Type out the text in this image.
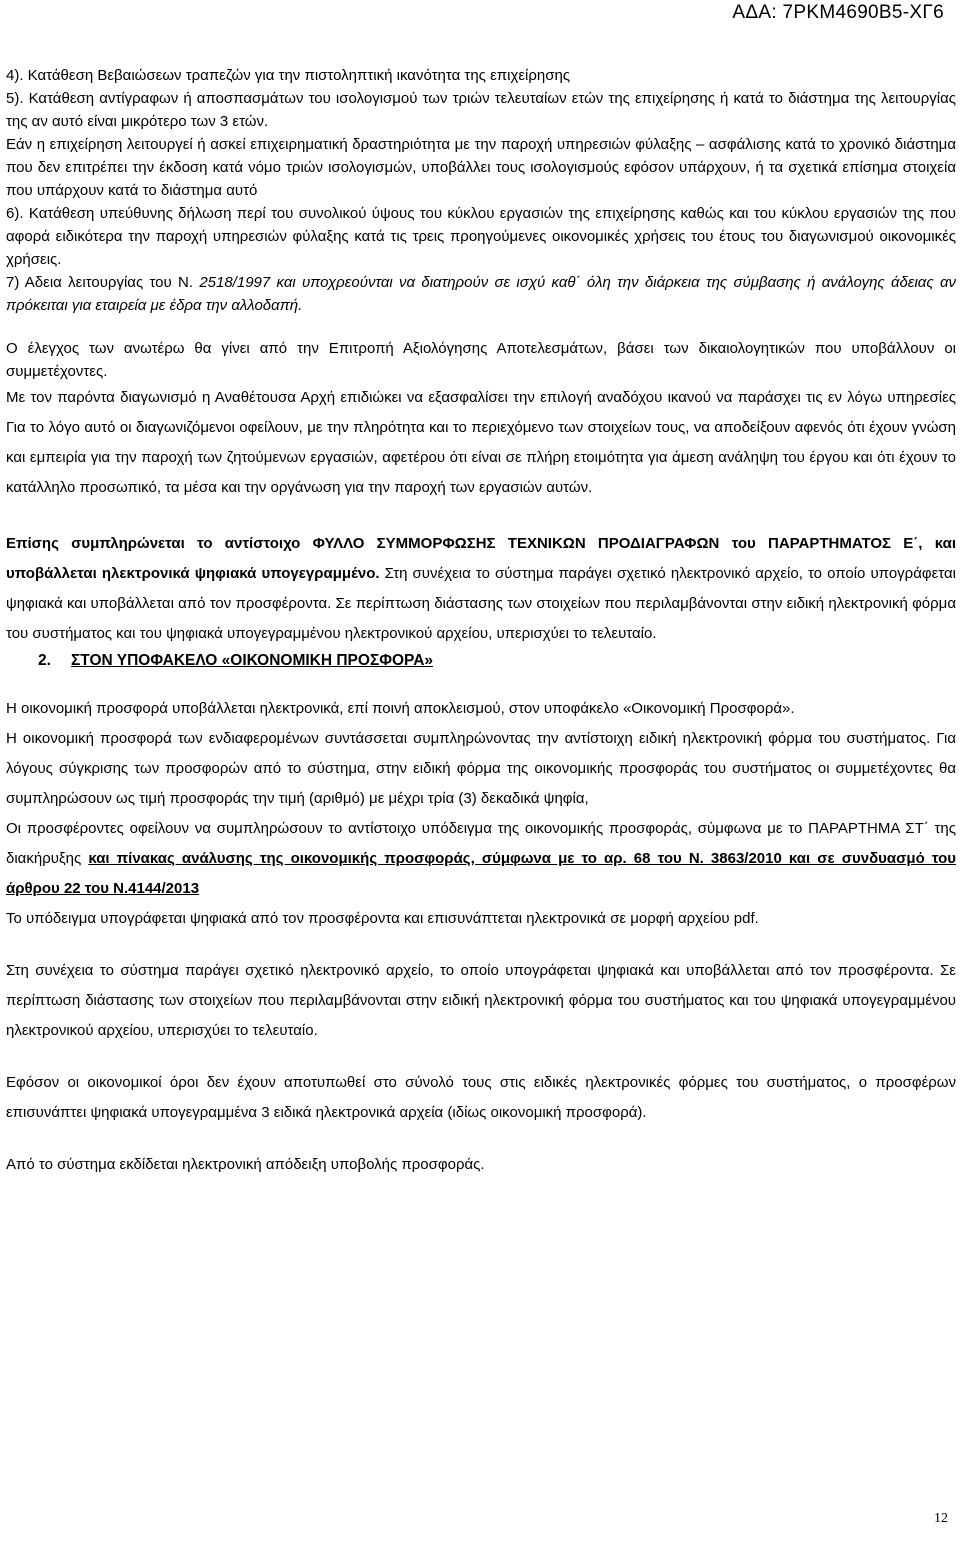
ΑΔΑ: 7ΡΚΜ4690Β5-ΧΓ6

4). Κατάθεση Βεβαιώσεων τραπεζών για την πιστοληπτική ικανότητα της επιχείρησης

5). Κατάθεση αντίγραφων ή αποσπασμάτων του ισολογισμού των τριών τελευταίων ετών της επιχείρησης ή κατά το διάστημα της λειτουργίας της αν αυτό είναι μικρότερο των 3 ετών.

Εάν η επιχείρηση λειτουργεί ή ασκεί επιχειρηματική δραστηριότητα με την παροχή υπηρεσιών φύλαξης – ασφάλισης κατά το χρονικό διάστημα που δεν επιτρέπει την έκδοση κατά νόμο τριών ισολογισμών, υποβάλλει τους ισολογισμούς εφόσον υπάρχουν, ή τα σχετικά επίσημα στοιχεία που υπάρχουν κατά το διάστημα αυτό

6). Κατάθεση υπεύθυνης δήλωση περί του συνολικού ύψους του κύκλου εργασιών της επιχείρησης καθώς και του κύκλου εργασιών της που αφορά ειδικότερα την παροχή υπηρεσιών φύλαξης κατά τις τρεις προηγούμενες οικονομικές χρήσεις του έτους του διαγωνισμού οικονομικές χρήσεις.

7) Αδεια λειτουργίας του Ν. 2518/1997 και υποχρεούνται να διατηρούν σε ισχύ καθ΄ όλη την διάρκεια της σύμβασης ή ανάλογης άδειας αν πρόκειται για εταιρεία με έδρα την αλλοδαπή.

Ο έλεγχος των ανωτέρω θα γίνει από την Επιτροπή Αξιολόγησης Αποτελεσμάτων, βάσει των δικαιολογητικών που υποβάλλουν οι συμμετέχοντες.

Με τον παρόντα διαγωνισμό η Αναθέτουσα Αρχή επιδιώκει να εξασφαλίσει την επιλογή αναδόχου ικανού να παράσχει τις εν λόγω υπηρεσίες Για το λόγο αυτό οι διαγωνιζόμενοι οφείλουν, με την πληρότητα και το περιεχόμενο των στοιχείων τους, να αποδείξουν αφενός ότι έχουν γνώση και εμπειρία για την παροχή των ζητούμενων εργασιών, αφετέρου ότι είναι σε πλήρη ετοιμότητα για άμεση ανάληψη του έργου και ότι έχουν το κατάλληλο προσωπικό, τα μέσα και την οργάνωση για την παροχή των εργασιών αυτών.

Επίσης συμπληρώνεται το αντίστοιχο ΦΥΛΛΟ ΣΥΜΜΟΡΦΩΣΗΣ ΤΕΧΝΙΚΩΝ ΠΡΟΔΙΑΓΡΑΦΩΝ του ΠΑΡΑΡΤΗΜΑΤΟΣ Ε΄, και υποβάλλεται ηλεκτρονικά ψηφιακά υπογεγραμμένο. Στη συνέχεια το σύστημα παράγει σχετικό ηλεκτρονικό αρχείο, το οποίο υπογράφεται ψηφιακά και υποβάλλεται από τον προσφέροντα. Σε περίπτωση διάστασης των στοιχείων που περιλαμβάνονται στην ειδική ηλεκτρονική φόρμα του συστήματος και του ψηφιακά υπογεγραμμένου ηλεκτρονικού αρχείου, υπερισχύει το τελευταίο.

2. ΣΤΟΝ ΥΠΟΦΑΚΕΛΟ «ΟΙΚΟΝΟΜΙΚΗ ΠΡΟΣΦΟΡΑ»

Η οικονομική προσφορά υποβάλλεται ηλεκτρονικά, επί ποινή αποκλεισμού, στον υποφάκελο «Οικονομική Προσφορά».

Η οικονομική προσφορά των ενδιαφερομένων συντάσσεται συμπληρώνοντας την αντίστοιχη ειδική ηλεκτρονική φόρμα του συστήματος. Για λόγους σύγκρισης των προσφορών από το σύστημα, στην ειδική φόρμα της οικονομικής προσφοράς του συστήματος οι συμμετέχοντες θα συμπληρώσουν ως τιμή προσφοράς την τιμή (αριθμό) με μέχρι τρία (3) δεκαδικά ψηφία,

Οι προσφέροντες οφείλουν να συμπληρώσουν το αντίστοιχο υπόδειγμα της οικονομικής προσφοράς, σύμφωνα με το ΠΑΡΑΡΤΗΜΑ ΣΤ΄ της διακήρυξης και πίνακας ανάλυσης της οικονομικής προσφοράς, σύμφωνα με το αρ. 68 του Ν. 3863/2010 και σε συνδυασμό του άρθρου 22 του Ν.4144/2013

Το υπόδειγμα υπογράφεται ψηφιακά από τον προσφέροντα και επισυνάπτεται ηλεκτρονικά σε μορφή αρχείου pdf.

Στη συνέχεια το σύστημα παράγει σχετικό ηλεκτρονικό αρχείο, το οποίο υπογράφεται ψηφιακά και υποβάλλεται από τον προσφέροντα. Σε περίπτωση διάστασης των στοιχείων που περιλαμβάνονται στην ειδική ηλεκτρονική φόρμα του συστήματος και του ψηφιακά υπογεγραμμένου ηλεκτρονικού αρχείου, υπερισχύει το τελευταίο.

Εφόσον οι οικονομικοί όροι δεν έχουν αποτυπωθεί στο σύνολό τους στις ειδικές ηλεκτρονικές φόρμες του συστήματος, ο προσφέρων επισυνάπτει ψηφιακά υπογεγραμμένα 3 ειδικά ηλεκτρονικά αρχεία (ιδίως οικονομική προσφορά).

Από το σύστημα εκδίδεται ηλεκτρονική απόδειξη υποβολής προσφοράς.

12
